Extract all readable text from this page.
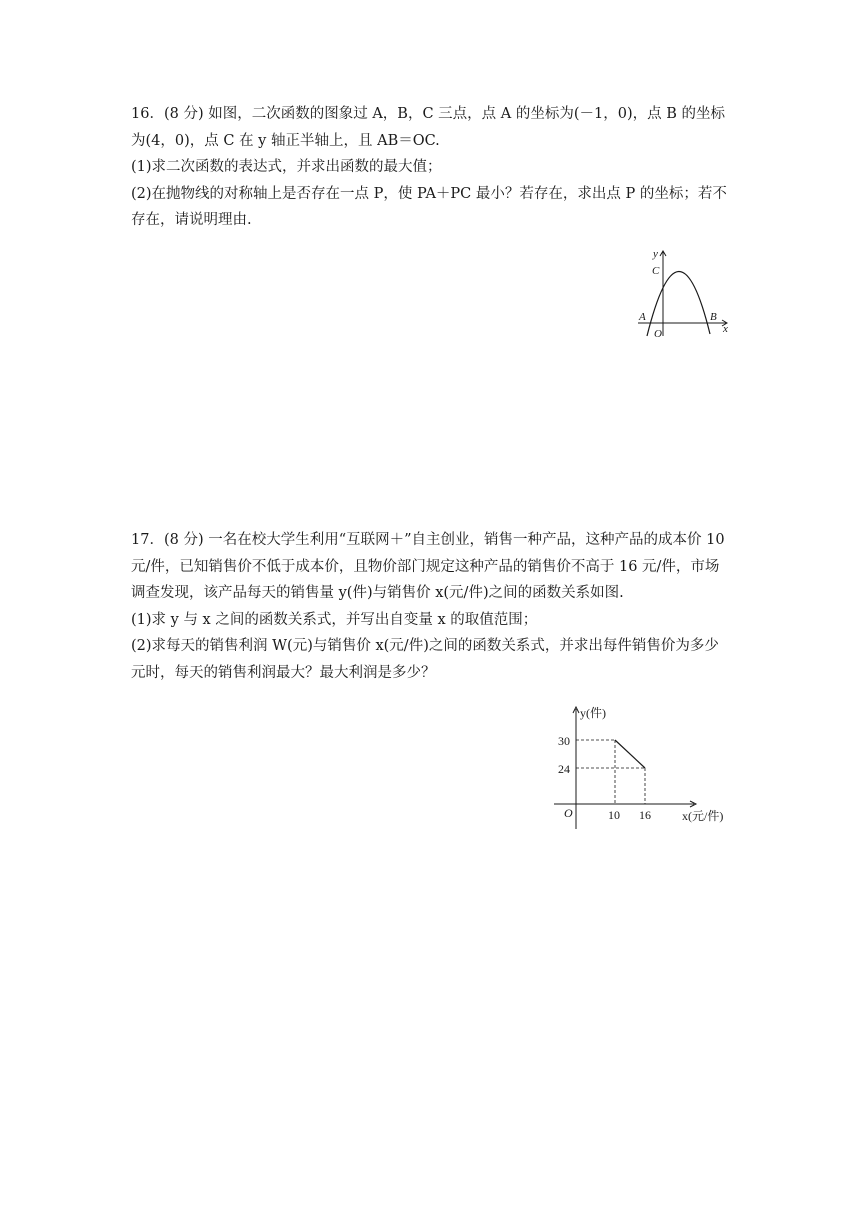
16．(8 分) 如图，二次函数的图象过 A，B，C 三点，点 A 的坐标为(－1，0)，点 B 的坐标

为(4，0)，点 C 在 y 轴正半轴上，且 AB＝OC.

(1)求二次函数的表达式，并求出函数的最大值；

(2)在抛物线的对称轴上是否存在一点 P，使 PA＋PC 最小？若存在，求出点 P 的坐标；若不

存在，请说明理由.

y
x
C
A
O
B

17．(8 分) 一名在校大学生利用“互联网＋”自主创业，销售一种产品，这种产品的成本价 10

元/件，已知销售价不低于成本价，且物价部门规定这种产品的销售价不高于 16 元/件，市场

调查发现，该产品每天的销售量 y(件)与销售价 x(元/件)之间的函数关系如图.

(1)求 y 与 x 之间的函数关系式，并写出自变量 x 的取值范围；

(2)求每天的销售利润 W(元)与销售价 x(元/件)之间的函数关系式，并求出每件销售价为多少

元时，每天的销售利润最大？最大利润是多少？

y(件)
x(元/件)
O
30
24
10 16
